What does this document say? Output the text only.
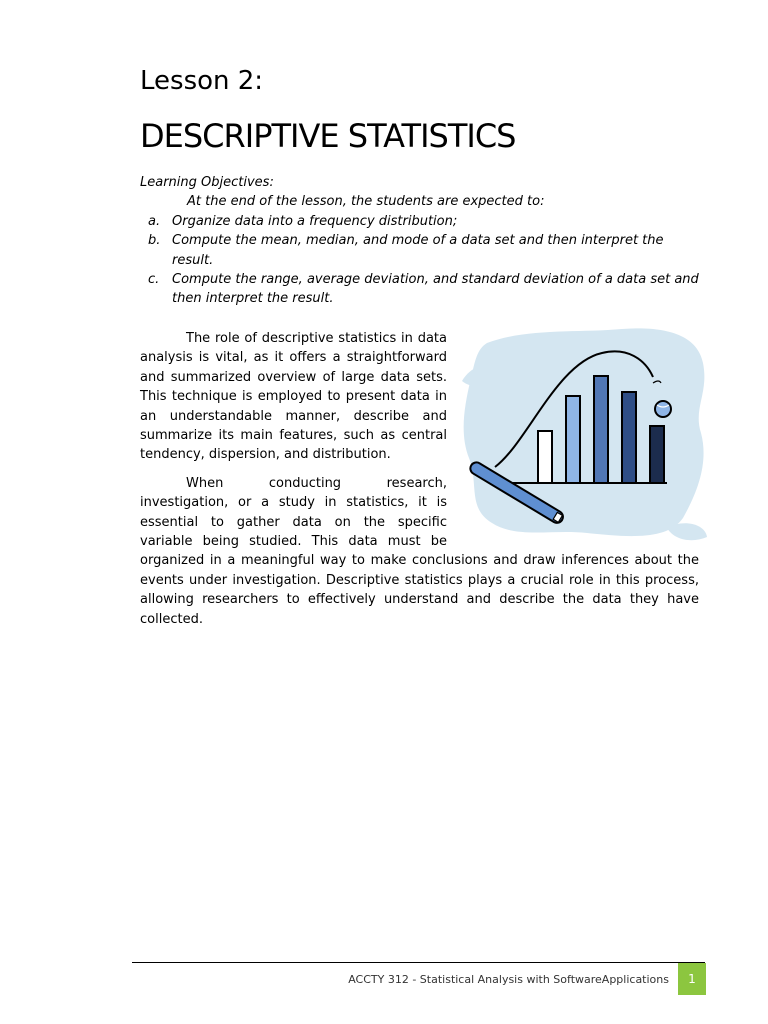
Lesson 2:
DESCRIPTIVE STATISTICS
Learning Objectives:
At the end of the lesson, the students are expected to:
a. Organize data into a frequency distribution;
b. Compute the mean, median, and mode of a data set and then interpret the result.
c. Compute the range, average deviation, and standard deviation of a data set and then interpret the result.

The role of descriptive statistics in data analysis is vital, as it offers a straightforward and summarized overview of large data sets. This technique is employed to present data in an understandable manner, describe and summarize its main features, such as central tendency, dispersion, and distribution.

When conducting research, investigation, or a study in statistics, it is essential to gather data on the specific variable being studied. This data must be organized in a meaningful way to make conclusions and draw inferences about the events under investigation. Descriptive statistics plays a crucial role in this process, allowing researchers to effectively understand and describe the data they have collected.

ACCTY 312 - Statistical Analysis with SoftwareApplications	1
